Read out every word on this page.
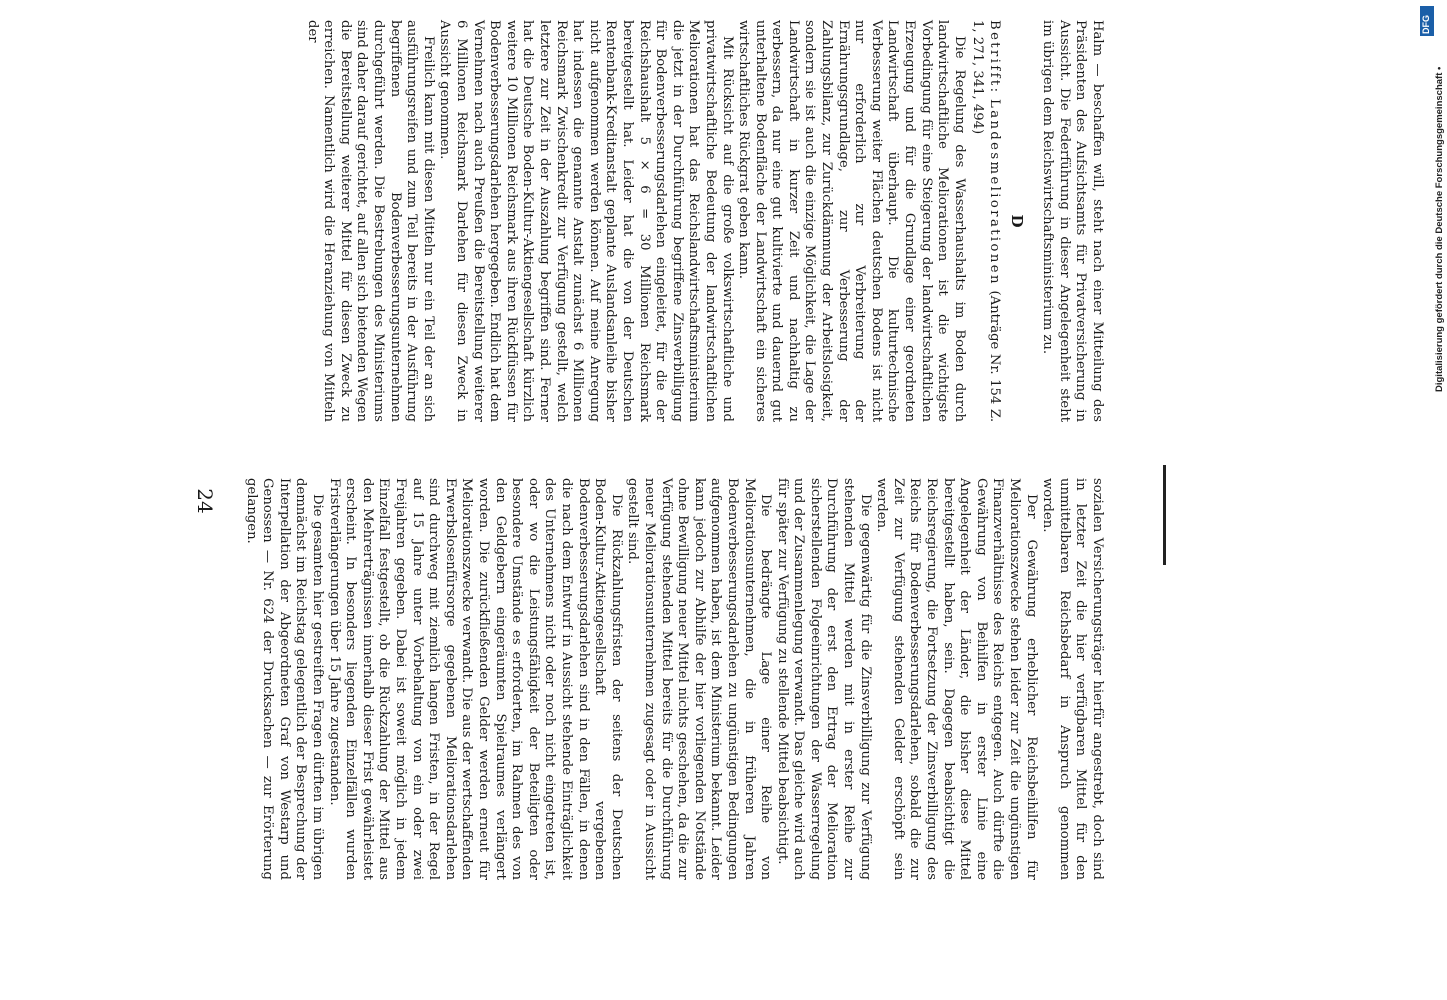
Halm — beschaffen will, steht nach einer Mitteilung des Präsidenten des Aufsichtsamts für Privatversicherung in Aussicht. Die Federführung in dieser Angelegenheit steht im übrigen dem Reichswirtschaftsministerium zu.

D

Betrifft: Landesmeliorationen (Anträge Nr. 154 Z. 1, 271, 341, 494)

Die Regelung des Wasserhaushalts im Boden durch landwirtschaftliche Meliorationen ist die wichtigste Vorbedingung für eine Steigerung der landwirtschaftlichen Erzeugung und für die Grundlage einer geordneten Landwirtschaft überhaupt. Die kulturtechnische Verbesserung weiter Flächen deutschen Bodens ist nicht nur erforderlich zur Verbreiterung der Ernährungsgrundlage, zur Verbesserung der Zahlungsbilanz, zur Zurückdämmung der Arbeitslosigkeit, sondern sie ist auch die einzige Möglichkeit, die Lage der Landwirtschaft in kurzer Zeit und nachhaltig zu verbessern, da nur eine gut kultivierte und dauernd gut unterhaltene Bodenfläche der Landwirtschaft ein sicheres wirtschaftliches Rückgrat geben kann.

Mit Rücksicht auf die große volkswirtschaftliche und privatwirtschaftliche Bedeutung der landwirtschaftlichen Meliorationen hat das Reichslandwirtschaftsministerium die jetzt in der Durchführung begriffene Zinsverbilligung für Bodenverbesserungsdarlehen eingeleitet, für die der Reichshaushalt 5 × 6 = 30 Millionen Reichsmark bereitgestellt hat. Leider hat die von der Deutschen Rentenbank-Kreditanstalt geplante Auslandsanleihe bisher nicht aufgenommen werden können. Auf meine Anregung hat indessen die genannte Anstalt zunächst 6 Millionen Reichsmark Zwischenkredit zur Verfügung gestellt, welch letztere zur Zeit in der Auszahlung begriffen sind. Ferner hat die Deutsche Boden-Kultur-Aktiengesellschaft kürzlich weitere 10 Millionen Reichsmark aus ihren Rückflüssen für Bodenverbesserungsdarlehen hergegeben. Endlich hat dem Vernehmen nach auch Preußen die Bereitstellung weiterer 6 Millionen Reichsmark Darlehen für diesen Zweck in Aussicht genommen.

Freilich kann mit diesen Mitteln nur ein Teil der an sich ausführungsreifen und zum Teil bereits in der Ausführung begriffenen Bodenverbesserungsunternehmen durchgeführt werden. Die Bestrebungen des Ministeriums sind daher darauf gerichtet, auf allen sich bietenden Wegen die Bereitstellung weiterer Mittel für diesen Zweck zu erreichen. Namentlich wird die Heranziehung von Mitteln der

sozialen Versicherungsträger hierfür angestrebt, doch sind in letzter Zeit die hier verfügbaren Mittel für den unmittelbaren Reichsbedarf in Anspruch genommen worden.

Der Gewährung erheblicher Reichsbeihilfen für Meliorationszwecke stehen leider zur Zeit die ungünstigen Finanzverhältnisse des Reichs entgegen. Auch dürfte die Gewährung von Beihilfen in erster Linie eine Angelegenheit der Länder, die bisher diese Mittel bereitgestellt haben, sein. Dagegen beabsichtigt die Reichsregierung, die Fortsetzung der Zinsverbilligung des Reichs für Bodenverbesserungsdarlehen, sobald die zur Zeit zur Verfügung stehenden Gelder erschöpft sein werden.

Die gegenwärtig für die Zinsverbilligung zur Verfügung stehenden Mittel werden mit in erster Reihe zur Durchführung der erst den Ertrag der Melioration sicherstellenden Folgeeinrichtungen der Wasserregelung und der Zusammenlegung verwandt. Das gleiche wird auch für später zur Verfügung zu stellende Mittel beabsichtigt.

Die bedrängte Lage einer Reihe von Meliorationsunternehmen, die in früheren Jahren Bodenverbesserungsdarlehen zu ungünstigen Bedingungen aufgenommen haben, ist dem Ministerium bekannt. Leider kann jedoch zur Abhilfe der hier vorliegenden Notstände ohne Bewilligung neuer Mittel nichts geschehen, da die zur Verfügung stehenden Mittel bereits für die Durchführung neuer Meliorationsunternehmen zugesagt oder in Aussicht gestellt sind.

Die Rückzahlungsfristen der seitens der Deutschen Boden-Kultur-Aktiengesellschaft vergebenen Bodenverbesserungsdarlehen sind in den Fällen, in denen die nach dem Entwurf in Aussicht stehende Einträglichkeit des Unternehmens nicht oder noch nicht eingetreten ist, oder wo die Leistungsfähigkeit der Beteiligten oder besondere Umstände es erforderten, im Rahmen des von den Geldgebern eingeräumten Spielraumes verlängert worden. Die zurückfließenden Gelder werden erneut für Meliorationszwecke verwandt. Die aus der wertschaffenden Erwerbslosenfürsorge gegebenen Meliorationsdarlehen sind durchweg mit ziemlich langen Fristen, in der Regel auf 15 Jahre unter Vorbehaltung von ein oder zwei Freijahren gegeben. Dabei ist soweit möglich in jedem Einzelfall festgestellt, ob die Rückzahlung der Mittel aus den Mehrerträgnissen innerhalb dieser Frist gewährleistet erscheint. In besonders liegenden Einzelfällen wurden Fristverlängerungen über 15 Jahre zugestanden.

Die gesamten hier gestreiften Fragen dürften im übrigen demnächst im Reichstag gelegentlich der Besprechung der Interpellation der Abgeordneten Graf von Westarp und Genossen — Nr. 624 der Drucksachen — zur Erörterung gelangen.

24
Digitalisierung gefördert durch die Deutsche Forschungsgemeinschaft •
DFG
